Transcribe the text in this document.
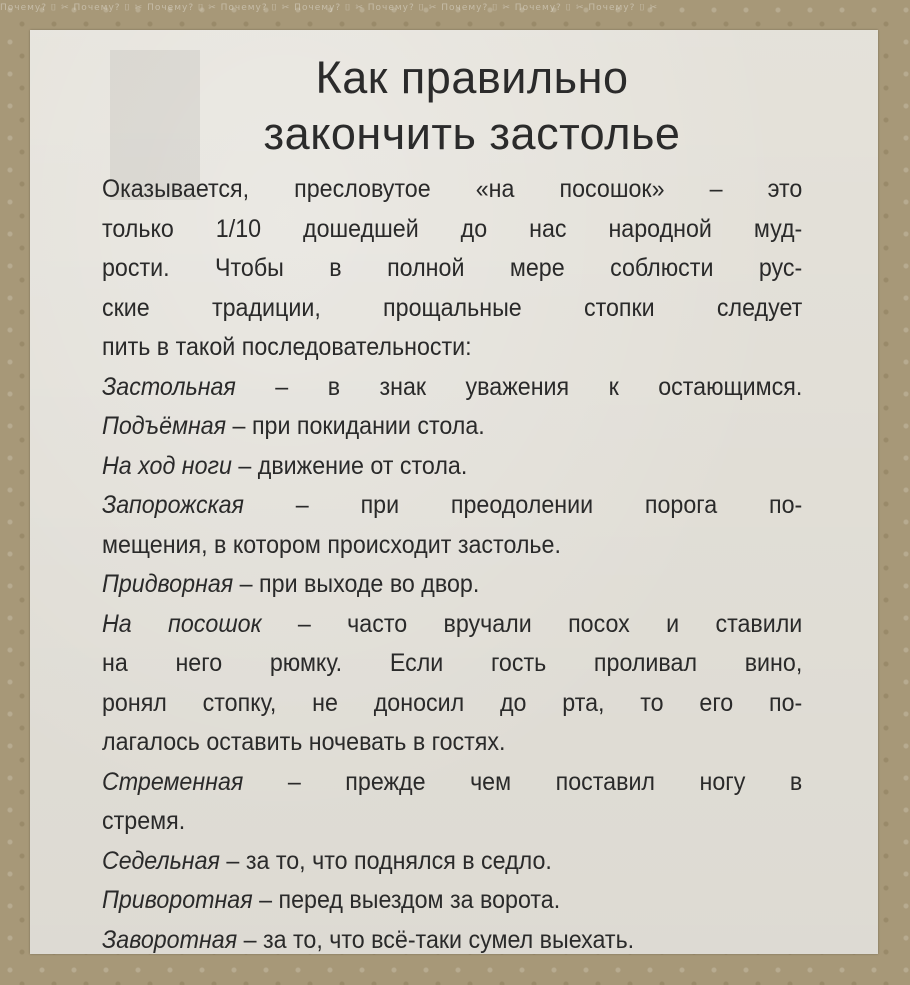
Почему? ⌷ ✂ Почему? ⌷ ✂ Почему? ⌷ ✂ Почему? ⌷ ✂ Почему? ⌷ ✂ Почему? ⌷ ✂ Почему? ⌷ ✂ Почему? ⌷ ✂ Почему? ⌷ ✂
Как правильно
закончить застолье
Оказывается, пресловутое «на посошок» – это
только 1/10 дошедшей до нас народной муд-
рости. Чтобы в полной мере соблюсти рус-
ские традиции, прощальные стопки следует
пить в такой последовательности:
Застольная – в знак уважения к остающимся.
Подъёмная – при покидании стола.
На ход ноги – движение от стола.
Запорожская – при преодолении порога по-
мещения, в котором происходит застолье.
Придворная – при выходе во двор.
На посошок – часто вручали посох и ставили
на него рюмку. Если гость проливал вино,
ронял стопку, не доносил до рта, то его по-
лагалось оставить ночевать в гостях.
Стременная – прежде чем поставил ногу в
стремя.
Седельная – за то, что поднялся в седло.
Приворотная – перед выездом за ворота.
Заворотная – за то, что всё-таки сумел выехать.
